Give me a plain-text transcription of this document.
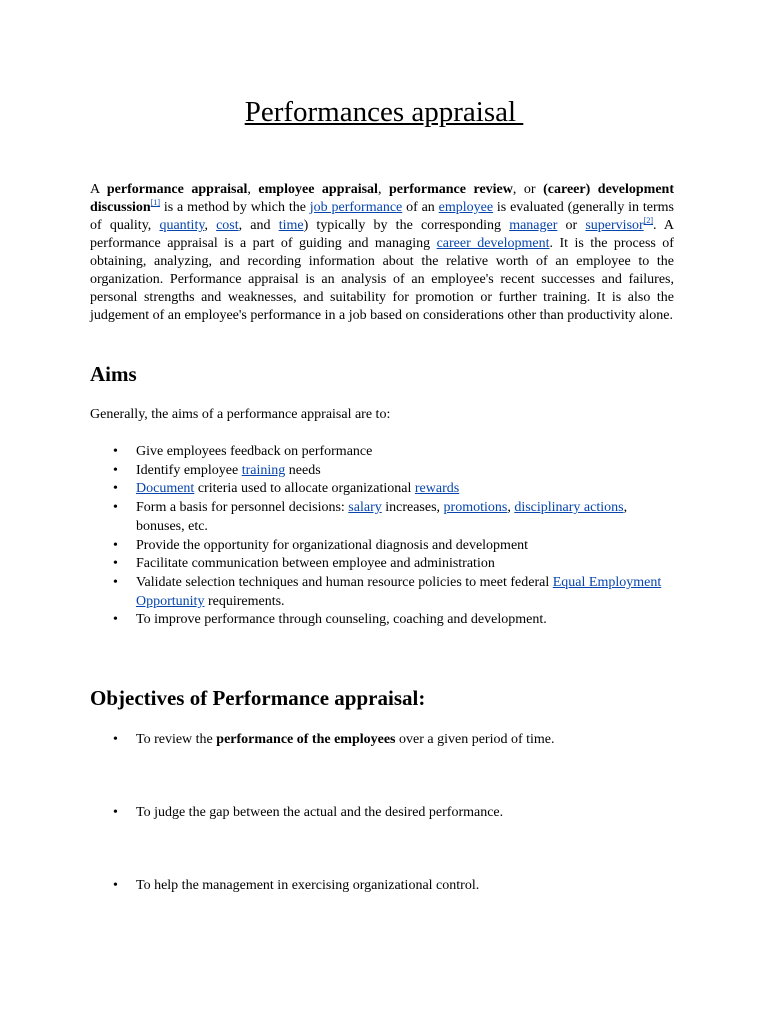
Performances appraisal
A performance appraisal, employee appraisal, performance review, or (career) development discussion[1] is a method by which the job performance of an employee is evaluated (generally in terms of quality, quantity, cost, and time) typically by the corresponding manager or supervisor[2]. A performance appraisal is a part of guiding and managing career development. It is the process of obtaining, analyzing, and recording information about the relative worth of an employee to the organization. Performance appraisal is an analysis of an employee's recent successes and failures, personal strengths and weaknesses, and suitability for promotion or further training. It is also the judgement of an employee's performance in a job based on considerations other than productivity alone.
Aims

Generally, the aims of a performance appraisal are to:

• Give employees feedback on performance
• Identify employee training needs
• Document criteria used to allocate organizational rewards
• Form a basis for personnel decisions: salary increases, promotions, disciplinary actions, bonuses, etc.
• Provide the opportunity for organizational diagnosis and development
• Facilitate communication between employee and administration
• Validate selection techniques and human resource policies to meet federal Equal Employment Opportunity requirements.
• To improve performance through counseling, coaching and development.
Objectives of Performance appraisal:
• To review the performance of the employees over a given period of time.
• To judge the gap between the actual and the desired performance.
• To help the management in exercising organizational control.
